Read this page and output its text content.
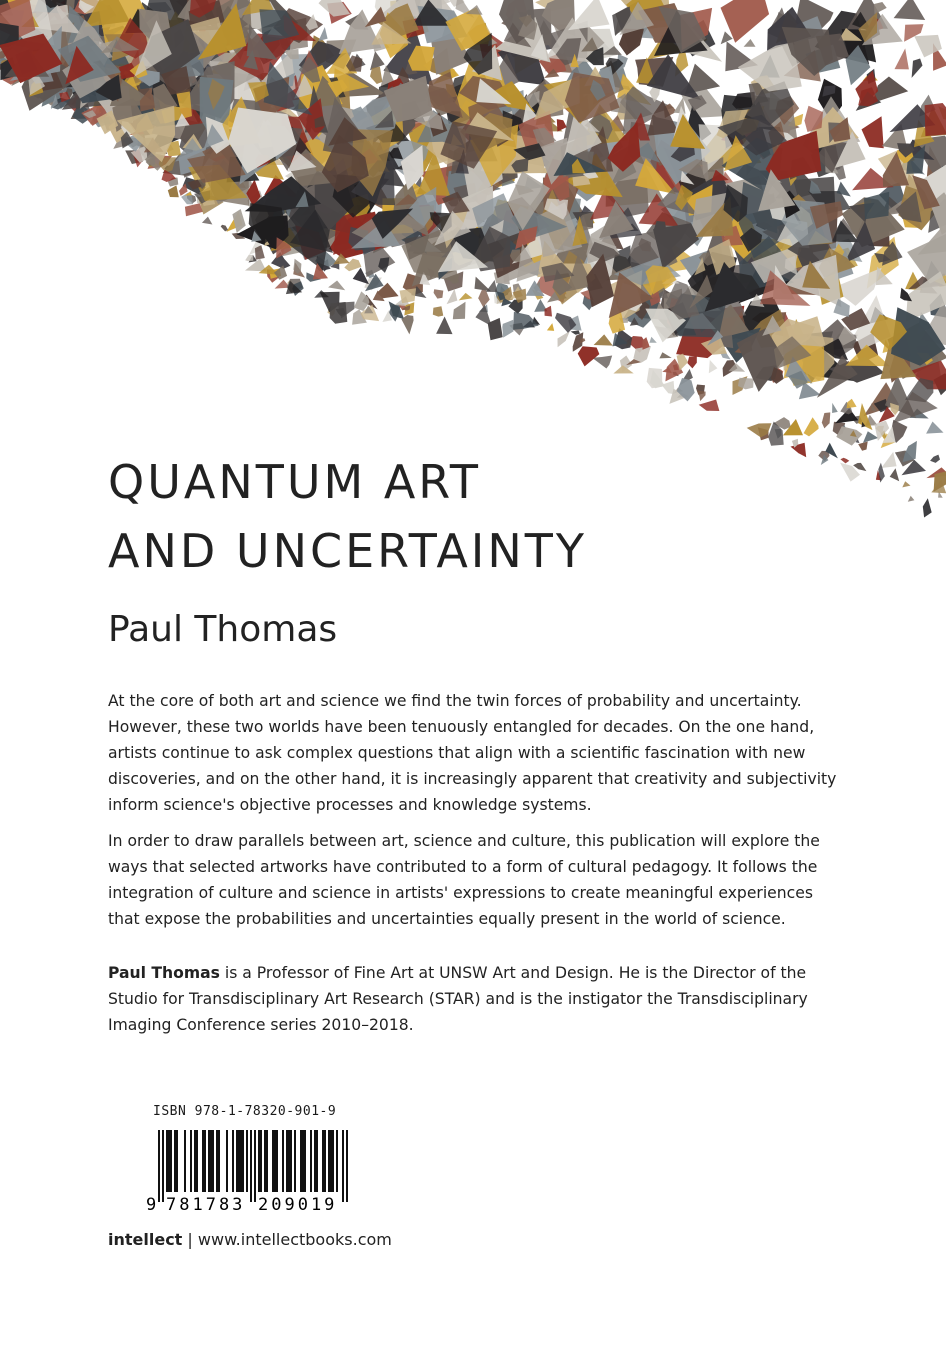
QUANTUM ART
AND UNCERTAINTY
Paul Thomas

At the core of both art and science we find the twin forces of probability and uncertainty. However, these two worlds have been tenuously entangled for decades. On the one hand, artists continue to ask complex questions that align with a scientific fascination with new discoveries, and on the other hand, it is increasingly apparent that creativity and subjectivity inform science's objective processes and knowledge systems.

In order to draw parallels between art, science and culture, this publication will explore the ways that selected artworks have contributed to a form of cultural pedagogy. It follows the integration of culture and science in artists' expressions to create meaningful experiences that expose the probabilities and uncertainties equally present in the world of science.

Paul Thomas is a Professor of Fine Art at UNSW Art and Design. He is the Director of the Studio for Transdisciplinary Art Research (STAR) and is the instigator the Transdisciplinary Imaging Conference series 2010–2018.

ISBN 978-1-78320-901-9
9 781783 209019
intellect | www.intellectbooks.com
